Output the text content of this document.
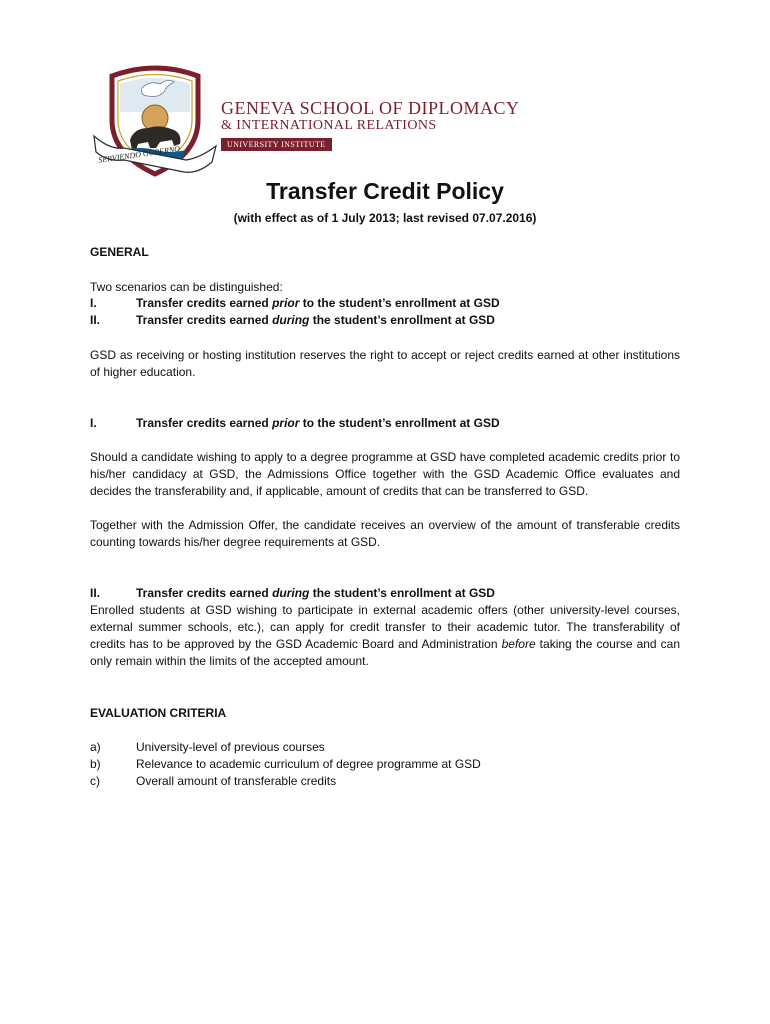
SERVIENDO GUBERNO
GENEVA SCHOOL OF DIPLOMACY
& INTERNATIONAL RELATIONS
UNIVERSITY INSTITUTE
Transfer Credit Policy
(with effect as of 1 July 2013; last revised 07.07.2016)
GENERAL
Two scenarios can be distinguished:
I.	Transfer credits earned prior to the student’s enrollment at GSD
II.	Transfer credits earned during the student’s enrollment at GSD
GSD as receiving or hosting institution reserves the right to accept or reject credits earned at other institutions of higher education.
I.	Transfer credits earned prior to the student’s enrollment at GSD
Should a candidate wishing to apply to a degree programme at GSD have completed academic credits prior to his/her candidacy at GSD, the Admissions Office together with the GSD Academic Office evaluates and decides the transferability and, if applicable, amount of credits that can be transferred to GSD.
Together with the Admission Offer, the candidate receives an overview of the amount of transferable credits counting towards his/her degree requirements at GSD.
II.	Transfer credits earned during the student’s enrollment at GSD
Enrolled students at GSD wishing to participate in external academic offers (other university-level courses, external summer schools, etc.), can apply for credit transfer to their academic tutor. The transferability of credits has to be approved by the GSD Academic Board and Administration before taking the course and can only remain within the limits of the accepted amount.
EVALUATION CRITERIA
a)	University-level of previous courses
b)	Relevance to academic curriculum of degree programme at GSD
c)	Overall amount of transferable credits
